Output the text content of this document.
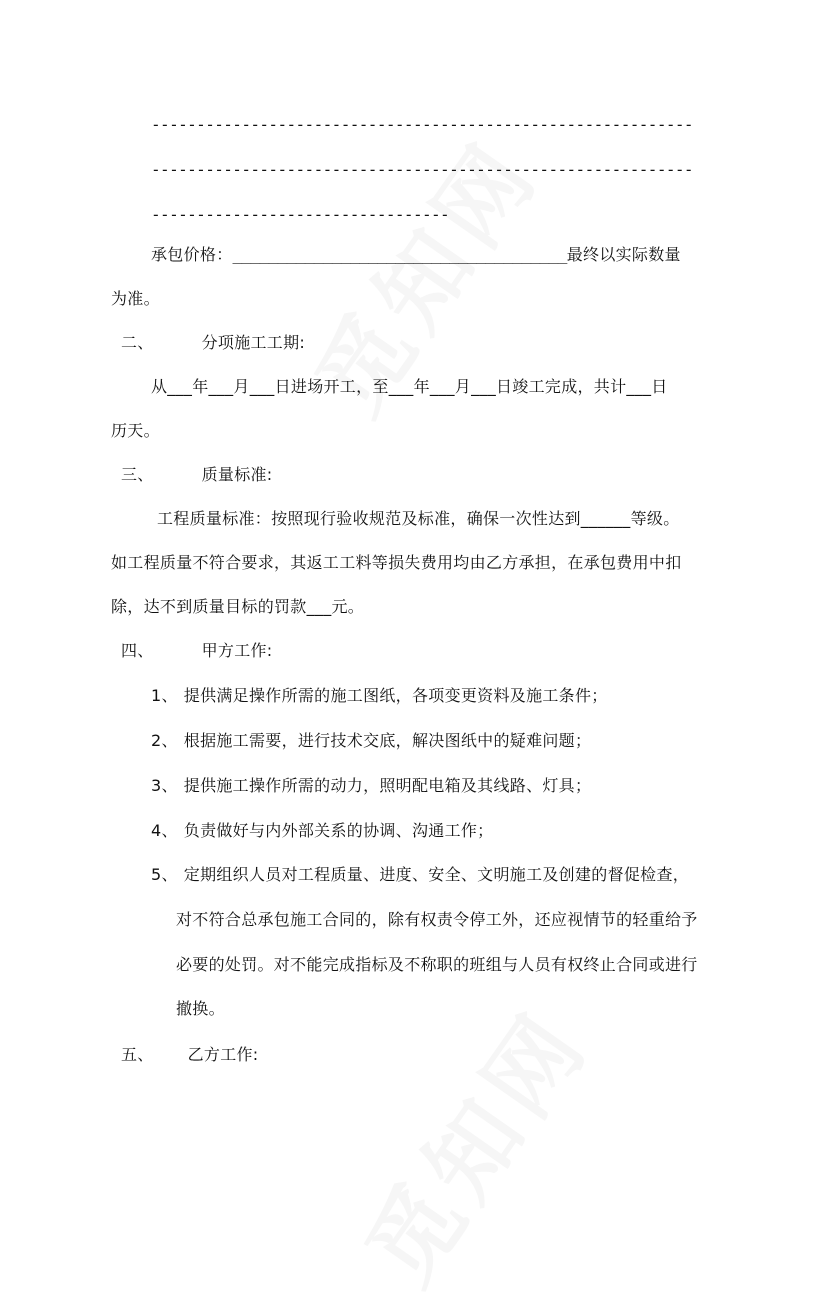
------------------------------------------------------------
------------------------------------------------------------
---------------------------------
承包价格：_____________________________________最终以实际数量
为准。
二、	分项施工工期:
从___年___月___日进场开工，至___年___月___日竣工完成，共计___日
历天。
三、	质量标准:
工程质量标准：按照现行验收规范及标准，确保一次性达到______等级。
如工程质量不符合要求，其返工工料等损失费用均由乙方承担，在承包费用中扣
除，达不到质量目标的罚款___元。
四、	甲方工作:
1、 提供满足操作所需的施工图纸，各项变更资料及施工条件；
2、 根据施工需要，进行技术交底，解决图纸中的疑难问题；
3、 提供施工操作所需的动力，照明配电箱及其线路、灯具；
4、 负责做好与内外部关系的协调、沟通工作；
5、 定期组织人员对工程质量、进度、安全、文明施工及创建的督促检查，
对不符合总承包施工合同的，除有权责令停工外，还应视情节的轻重给予
必要的处罚。对不能完成指标及不称职的班组与人员有权终止合同或进行
撤换。
五、 乙方工作:
